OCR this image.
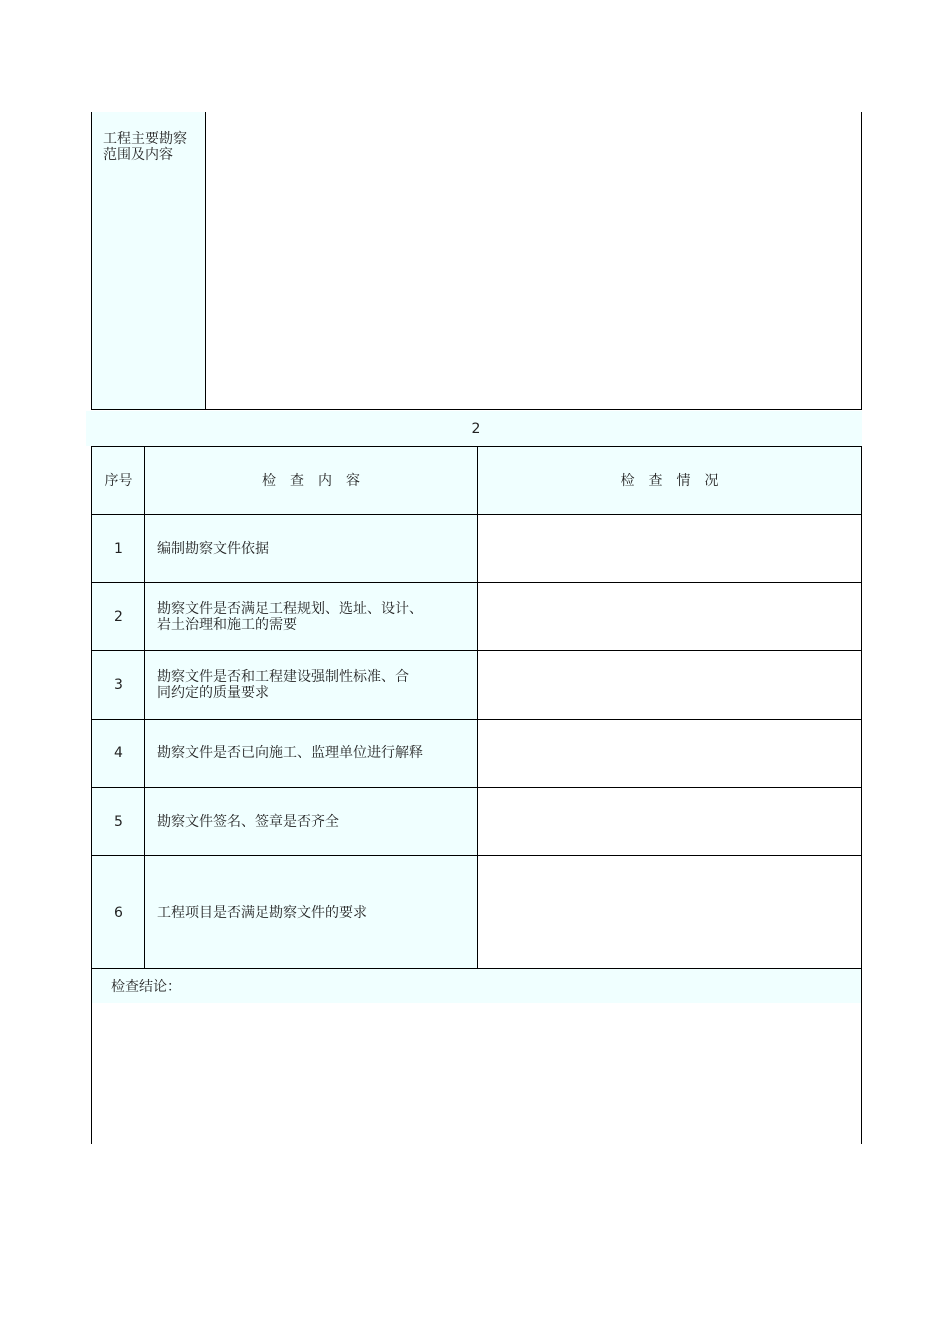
工程主要勘察
范围及内容
2
序号	检　查　内　容	检　查　情　况
1	编制勘察文件依据
2	勘察文件是否满足工程规划、选址、设计、
岩土治理和施工的需要
3	勘察文件是否和工程建设强制性标准、合
同约定的质量要求
4	勘察文件是否已向施工、监理单位进行解释
5	勘察文件签名、签章是否齐全
6	工程项目是否满足勘察文件的要求
检查结论：
